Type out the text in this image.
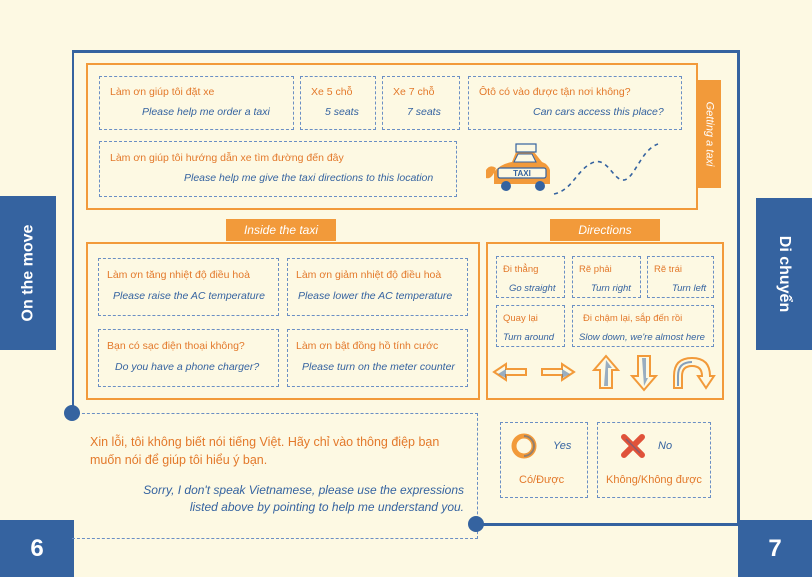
On the move	Di chuyển
6	7
Getting a taxi
Làm ơn giúp tôi đặt xe
Please help me order a taxi
Xe 5 chỗ
5 seats
Xe 7 chỗ
7 seats
Ôtô có vào được tận nơi không?
Can cars access this place?
Làm ơn giúp tôi hướng dẫn xe tìm đường đến đây
Please help me give the taxi directions to this location	TAXI
Inside the taxi
Làm ơn tăng nhiệt độ điều hoà
Please raise the AC temperature
Làm ơn giảm nhiệt độ điều hoà
Please lower the AC temperature
Bạn có sạc điện thoại không?
Do you have a phone charger?
Làm ơn bật đồng hồ tính cước
Please turn on the meter counter
Directions
Đi thẳng
Go straight
Rẽ phải
Turn right
Rẽ trái
Turn left
Quay lại
Turn around
Đi chậm lại, sắp đến rồi
Slow down, we're almost here
Xin lỗi, tôi không biết nói tiếng Việt. Hãy chỉ vào thông điệp bạn muốn nói để giúp tôi hiểu ý bạn.
Sorry, I don't speak Vietnamese, please use the expressions listed above by pointing to help me understand you.
Yes
Có/Được
No
Không/Không được
